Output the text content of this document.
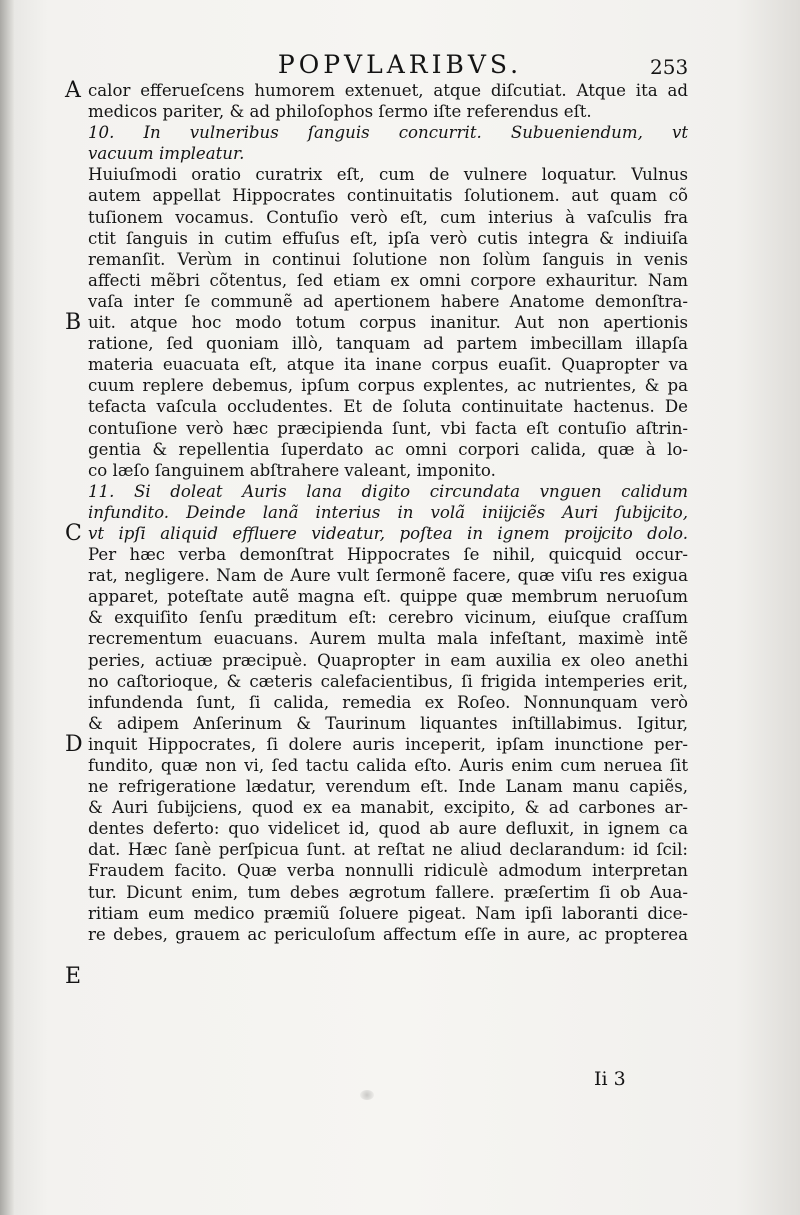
POPVLARIBVS.	253
A
B
C
D
E
calor efferueſcens humorem extenuet, atque diſcutiat. Atque ita ad
medicos pariter, & ad philoſophos ſermo iſte referendus eſt.
10. In vulneribus ſanguis concurrit. Subueniendum, vt
vacuum impleatur.
Huiuſmodi oratio curatrix eſt, cum de vulnere loquatur. Vulnus
autem appellat Hippocrates continuitatis ſolutionem. aut quam cõ
tuſionem vocamus. Contuſio verò eſt, cum interius à vaſculis fra
ctit ſanguis in cutim effuſus eſt, ipſa verò cutis integra & indiuiſa
remanſit. Verùm in continui ſolutione non ſolùm ſanguis in venis
affecti mẽbri cõtentus, ſed etiam ex omni corpore exhauritur. Nam
vaſa inter ſe communẽ ad apertionem habere Anatome demonſtra-
uit. atque hoc modo totum corpus inanitur. Aut non apertionis
ratione, ſed quoniam illò, tanquam ad partem imbecillam illapſa
materia euacuata eſt, atque ita inane corpus euaſit. Quapropter va
cuum replere debemus, ipſum corpus explentes, ac nutrientes, & pa
tefacta vaſcula occludentes. Et de ſoluta continuitate hactenus. De
contuſione verò hæc præcipienda ſunt, vbi facta eſt contuſio aſtrin-
gentia & repellentia ſuperdato ac omni corpori calida, quæ à lo-
co læſo ſanguinem abſtrahere valeant, imponito.
11. Si doleat Auris lana digito circundata vnguen calidum
infundito. Deinde lanã interius in volã iniĳciẽs Auri ſubĳcito,
vt ipſi aliquid effluere videatur, poſtea in ignem proĳcito dolo.
Per hæc verba demonſtrat Hippocrates ſe nihil, quicquid occur-
rat, negligere. Nam de Aure vult ſermonẽ facere, quæ viſu res exigua
apparet, poteſtate autẽ magna eſt. quippe quæ membrum neruoſum
& exquiſito ſenſu præditum eſt: cerebro vicinum, eiuſque craſſum
recrementum euacuans. Aurem multa mala infeſtant, maximè intẽ
peries, actiuæ præcipuè. Quapropter in eam auxilia ex oleo anethi
no caſtorioque, & cæteris calefacientibus, ſi frigida intemperies erit,
infundenda ſunt, ſi calida, remedia ex Roſeo. Nonnunquam verò
& adipem Anſerinum & Taurinum liquantes inſtillabimus. Igitur,
inquit Hippocrates, ſi dolere auris inceperit, ipſam inunctione per-
fundito, quæ non vi, ſed tactu calida eſto. Auris enim cum neruea ſit
ne refrigeratione lædatur, verendum eſt. Inde Lanam manu capiẽs,
& Auri ſubĳciens, quod ex ea manabit, excipito, & ad carbones ar-
dentes deferto: quo videlicet id, quod ab aure defluxit, in ignem ca
dat. Hæc ſanè perſpicua ſunt. at reſtat ne aliud declarandum: id ſcil:
Fraudem facito. Quæ verba nonnulli ridiculè admodum interpretan
tur. Dicunt enim, tum debes ægrotum fallere. præſertim ſi ob Aua-
ritiam eum medico præmiũ ſoluere pigeat. Nam ipſi laboranti dice-
re debes, grauem ac periculoſum affectum eſſe in aure, ac propterea
Ii 3
